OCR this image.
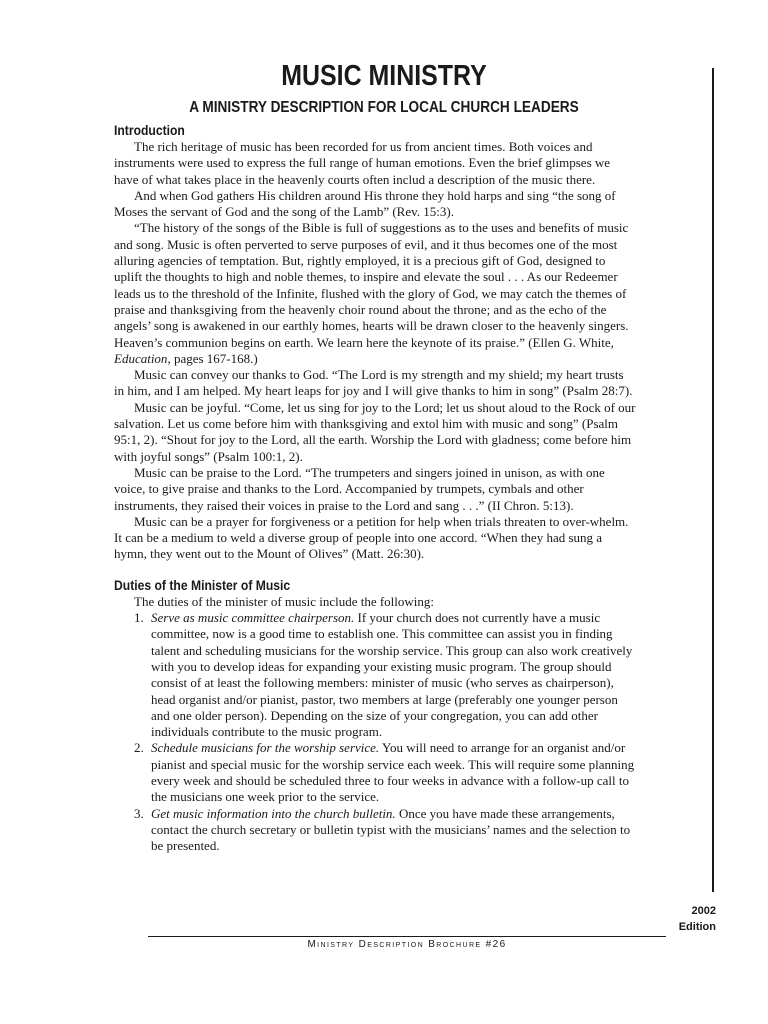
MUSIC MINISTRY
A MINISTRY DESCRIPTION FOR LOCAL CHURCH LEADERS
Introduction

The rich heritage of music has been recorded for us from ancient times. Both voices and instruments were used to express the full range of human emotions. Even the brief glimpses we have of what takes place in the heavenly courts often includ a description of the music there.

And when God gathers His children around His throne they hold harps and sing “the song of Moses the servant of God and the song of the Lamb” (Rev. 15:3).

“The history of the songs of the Bible is full of suggestions as to the uses and benefits of music and song. Music is often perverted to serve purposes of evil, and it thus becomes one of the most alluring agencies of temptation. But, rightly employed, it is a precious gift of God, designed to uplift the thoughts to high and noble themes, to inspire and elevate the soul . . . As our Redeemer leads us to the threshold of the Infinite, flushed with the glory of God, we may catch the themes of praise and thanksgiving from the heavenly choir round about the throne; and as the echo of the angels’ song is awakened in our earthly homes, hearts will be drawn closer to the heavenly singers. Heaven’s communion begins on earth. We learn here the keynote of its praise.” (Ellen G. White, Education, pages 167-168.)

Music can convey our thanks to God. “The Lord is my strength and my shield; my heart trusts in him, and I am helped. My heart leaps for joy and I will give thanks to him in song” (Psalm 28:7).

Music can be joyful. “Come, let us sing for joy to the Lord; let us shout aloud to the Rock of our salvation. Let us come before him with thanksgiving and extol him with music and song” (Psalm 95:1, 2). “Shout for joy to the Lord, all the earth. Worship the Lord with gladness; come before him with joyful songs” (Psalm 100:1, 2).

Music can be praise to the Lord. “The trumpeters and singers joined in unison, as with one voice, to give praise and thanks to the Lord. Accompanied by trumpets, cymbals and other instruments, they raised their voices in praise to the Lord and sang . . .” (II Chron. 5:13).

Music can be a prayer for forgiveness or a petition for help when trials threaten to over-whelm. It can be a medium to weld a diverse group of people into one accord. “When they had sung a hymn, they went out to the Mount of Olives” (Matt. 26:30).

Duties of the Minister of Music

The duties of the minister of music include the following:

1. Serve as music committee chairperson. If your church does not currently have a music committee, now is a good time to establish one. This committee can assist you in finding talent and scheduling musicians for the worship service. This group can also work creatively with you to develop ideas for expanding your existing music program. The group should consist of at least the following members: minister of music (who serves as chairperson), head organist and/or pianist, pastor, two members at large (preferably one younger person and one older person). Depending on the size of your congregation, you can add other individuals contribute to the music program.
2. Schedule musicians for the worship service. You will need to arrange for an organist and/or pianist and special music for the worship service each week. This will require some planning every week and should be scheduled three to four weeks in advance with a follow-up call to the musicians one week prior to the service.
3. Get music information into the church bulletin. Once you have made these arrangements, contact the church secretary or bulletin typist with the musicians’ names and the selection to be presented.
2002
Edition
Ministry Description Brochure #26
